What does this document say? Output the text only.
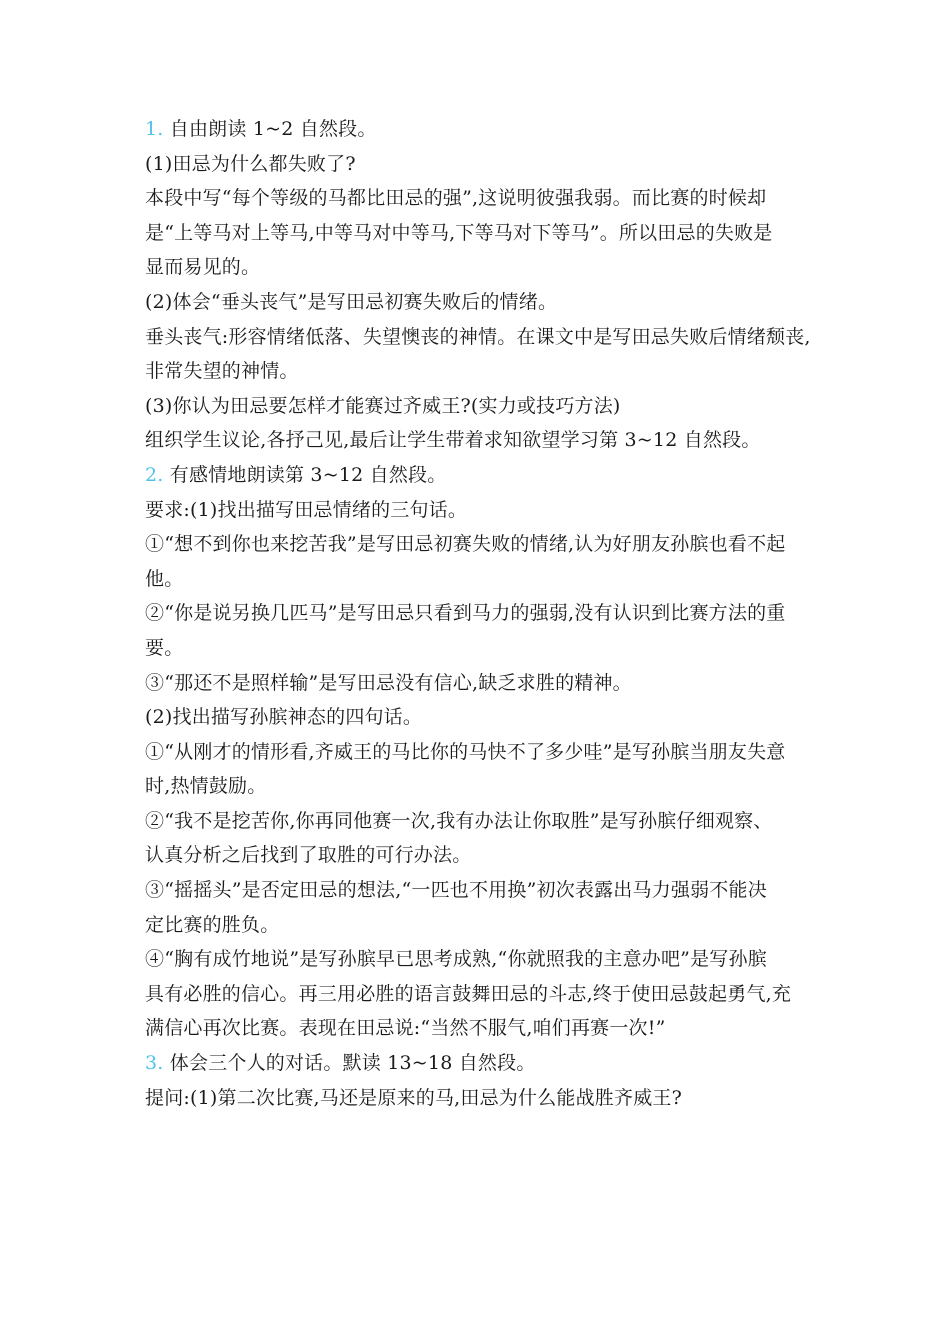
1. 自由朗读 1~2 自然段。
(1)田忌为什么都失败了?
本段中写“每个等级的马都比田忌的强”,这说明彼强我弱。而比赛的时候却
是“上等马对上等马,中等马对中等马,下等马对下等马”。所以田忌的失败是
显而易见的。
(2)体会“垂头丧气”是写田忌初赛失败后的情绪。
垂头丧气:形容情绪低落、失望懊丧的神情。在课文中是写田忌失败后情绪颓丧,
非常失望的神情。
(3)你认为田忌要怎样才能赛过齐威王?(实力或技巧方法)
组织学生议论,各抒己见,最后让学生带着求知欲望学习第 3~12 自然段。
2. 有感情地朗读第 3~12 自然段。
要求:(1)找出描写田忌情绪的三句话。
①“想不到你也来挖苦我”是写田忌初赛失败的情绪,认为好朋友孙膑也看不起
他。
②“你是说另换几匹马”是写田忌只看到马力的强弱,没有认识到比赛方法的重
要。
③“那还不是照样输”是写田忌没有信心,缺乏求胜的精神。
(2)找出描写孙膑神态的四句话。
①“从刚才的情形看,齐威王的马比你的马快不了多少哇”是写孙膑当朋友失意
时,热情鼓励。
②“我不是挖苦你,你再同他赛一次,我有办法让你取胜”是写孙膑仔细观察、
认真分析之后找到了取胜的可行办法。
③“摇摇头”是否定田忌的想法,“一匹也不用换”初次表露出马力强弱不能决
定比赛的胜负。
④“胸有成竹地说”是写孙膑早已思考成熟,“你就照我的主意办吧”是写孙膑
具有必胜的信心。再三用必胜的语言鼓舞田忌的斗志,终于使田忌鼓起勇气,充
满信心再次比赛。表现在田忌说:“当然不服气,咱们再赛一次!”
3. 体会三个人的对话。默读 13~18 自然段。
提问:(1)第二次比赛,马还是原来的马,田忌为什么能战胜齐威王?
